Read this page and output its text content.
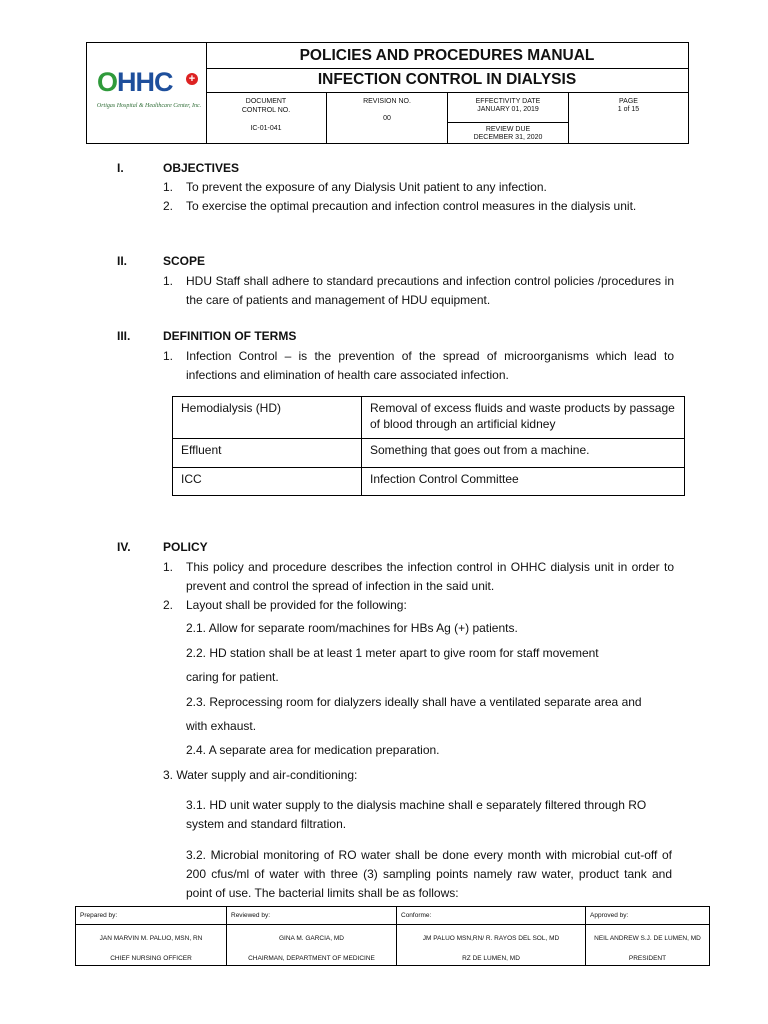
OHHC +
Ortigas Hospital & Healthcare Center, Inc.
POLICIES AND PROCEDURES MANUAL
INFECTION CONTROL IN DIALYSIS
DOCUMENT CONTROL NO.
IC-01-041
REVISION NO.
00
EFFECTIVITY DATE
JANUARY 01, 2019
REVIEW DUE
DECEMBER 31, 2020
PAGE
1 of 15
I.	OBJECTIVES
1. To prevent the exposure of any Dialysis Unit patient to any infection.
2. To exercise the optimal precaution and infection control measures in the dialysis unit.
II.	SCOPE
1. HDU Staff shall adhere to standard precautions and infection control policies /procedures in the care of patients and management of HDU equipment.
III.	DEFINITION OF TERMS
1. Infection Control – is the prevention of the spread of microorganisms which lead to infections and elimination of health care associated infection.
Hemodialysis (HD)	Removal of excess fluids and waste products by passage of blood through an artificial kidney
Effluent	Something that goes out from a machine.
ICC	Infection Control Committee
IV.	POLICY
1. This policy and procedure describes the infection control in OHHC dialysis unit in order to prevent and control the spread of infection in the said unit.
2. Layout shall be provided for the following:
2.1. Allow for separate room/machines for HBs Ag (+) patients.
2.2. HD station shall be at least 1 meter apart to give room for staff movement
caring for patient.
2.3. Reprocessing room for dialyzers ideally shall have a ventilated separate area and
with exhaust.
2.4. A separate area for medication preparation.
3. Water supply and air-conditioning:
3.1. HD unit water supply to the dialysis machine shall e separately filtered through RO system and standard filtration.
3.2. Microbial monitoring of RO water shall be done every month with microbial cut-off of 200 cfus/ml of water with three (3) sampling points namely raw water, product tank and point of use. The bacterial limits shall be as follows:
Prepared by:	Reviewed by:	Conforme:	Approved by:
JAN MARVIN M. PALUO, MSN, RN	GINA M. GARCIA, MD	JM PALUO MSN,RN/ R. RAYOS DEL SOL, MD	NEIL ANDREW S.J. DE LUMEN, MD
CHIEF NURSING OFFICER	CHAIRMAN, DEPARTMENT OF MEDICINE	RZ DE LUMEN, MD	PRESIDENT
